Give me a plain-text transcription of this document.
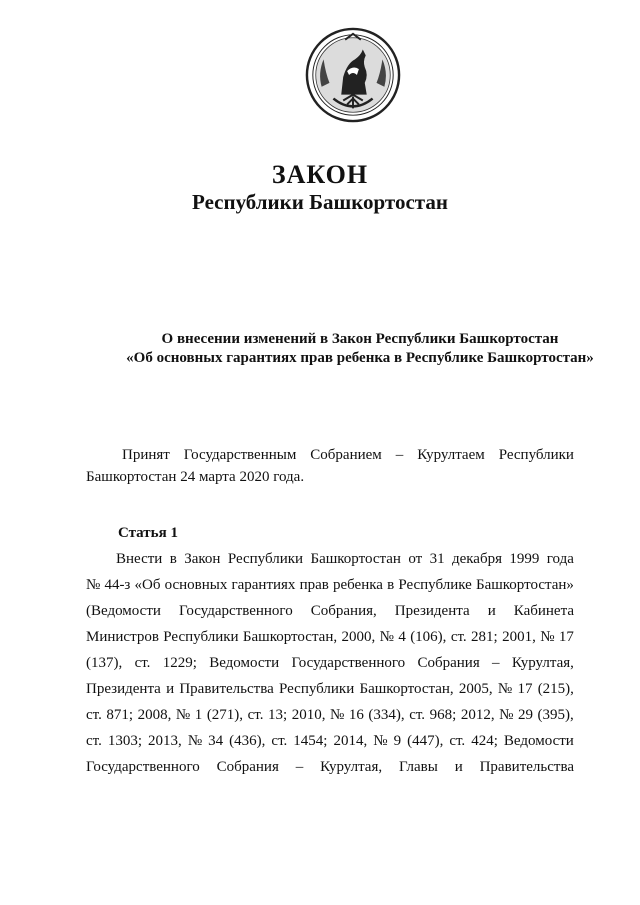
ЗАКОН
Республики Башкортостан
О внесении изменений в Закон Республики Башкортостан
«Об основных гарантиях прав ребенка в Республике Башкортостан»
Принят Государственным Собранием – Курултаем Республики
Башкортостан 24 марта 2020 года.
Статья 1
Внести в Закон Республики Башкортостан от 31 декабря 1999 года
№ 44-з «Об основных гарантиях прав ребенка в Республике Башкортостан»
(Ведомости Государственного Собрания, Президента и Кабинета
Министров Республики Башкортостан, 2000, № 4 (106), ст. 281; 2001, № 17
(137), ст. 1229; Ведомости Государственного Собрания – Курултая,
Президента и Правительства Республики Башкортостан, 2005, № 17 (215),
ст. 871; 2008, № 1 (271), ст. 13; 2010, № 16 (334), ст. 968; 2012, № 29 (395),
ст. 1303; 2013, № 34 (436), ст. 1454; 2014, № 9 (447), ст. 424; Ведомости
Государственного Собрания – Курултая, Главы и Правительства
